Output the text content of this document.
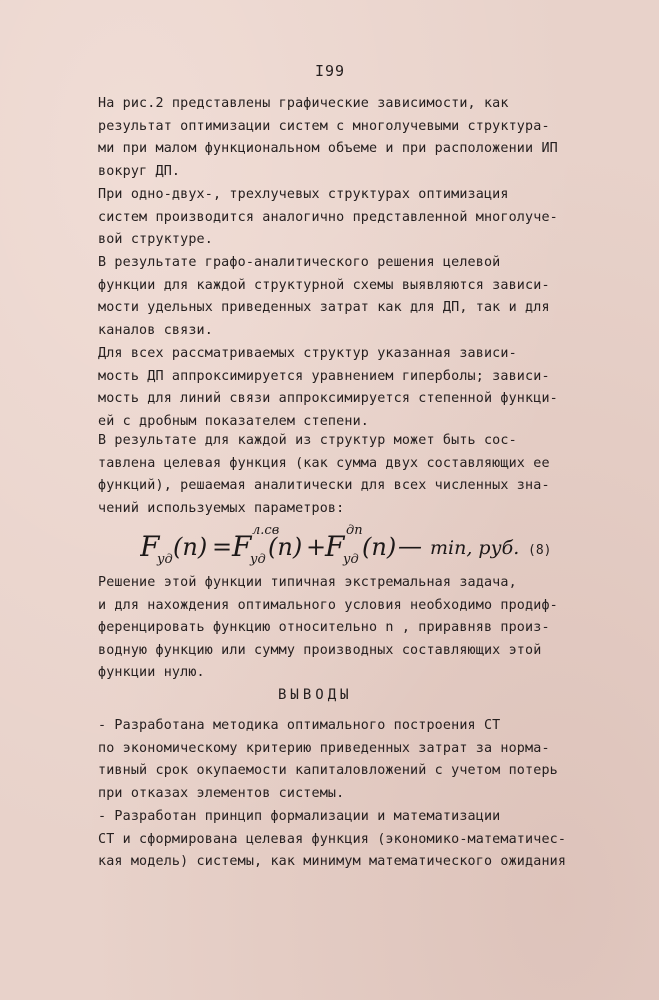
I99
На рис.2 представлены графические зависимости, как
результат оптимизации систем с многолучевыми структура-
ми при малом функциональном объеме и при расположении ИП
вокруг ДП.
При одно-двух-, трехлучевых структурах оптимизация
систем производится аналогично представленной многолуче-
вой структуре.
В результате графо-аналитического решения целевой
функции для каждой структурной схемы выявляются зависи-
мости удельных приведенных затрат как для ДП, так и для
каналов связи.
Для всех рассматриваемых структур указанная зависи-
мость ДП аппроксимируется уравнением гиперболы; зависи-
мость для линий связи аппроксимируется степенной функци-
ей с дробным показателем степени.
В результате для каждой из структур может быть сос-
тавлена целевая функция (как сумма двух составляющих ее
функций), решаемая аналитически для всех численных зна-
чений используемых параметров:
F
уд (n) = F
уд
л.св
(n) +
F
уд
дп
(n) — min, руб. (8)
Решение этой функции типичная экстремальная задача,
и для нахождения оптимального условия необходимо продиф-
ференцировать функцию относительно n , приравняв произ-
водную функцию или сумму производных составляющих этой
функции нулю.
ВЫВОДЫ
- Разработана методика оптимального построения СТ
по экономическому критерию приведенных затрат за норма-
тивный срок окупаемости капиталовложений с учетом потерь
при отказах элементов системы.
- Разработан принцип формализации и математизации
СТ и сформирована целевая функция (экономико-математичес-
кая модель) системы, как минимум математического ожидания
